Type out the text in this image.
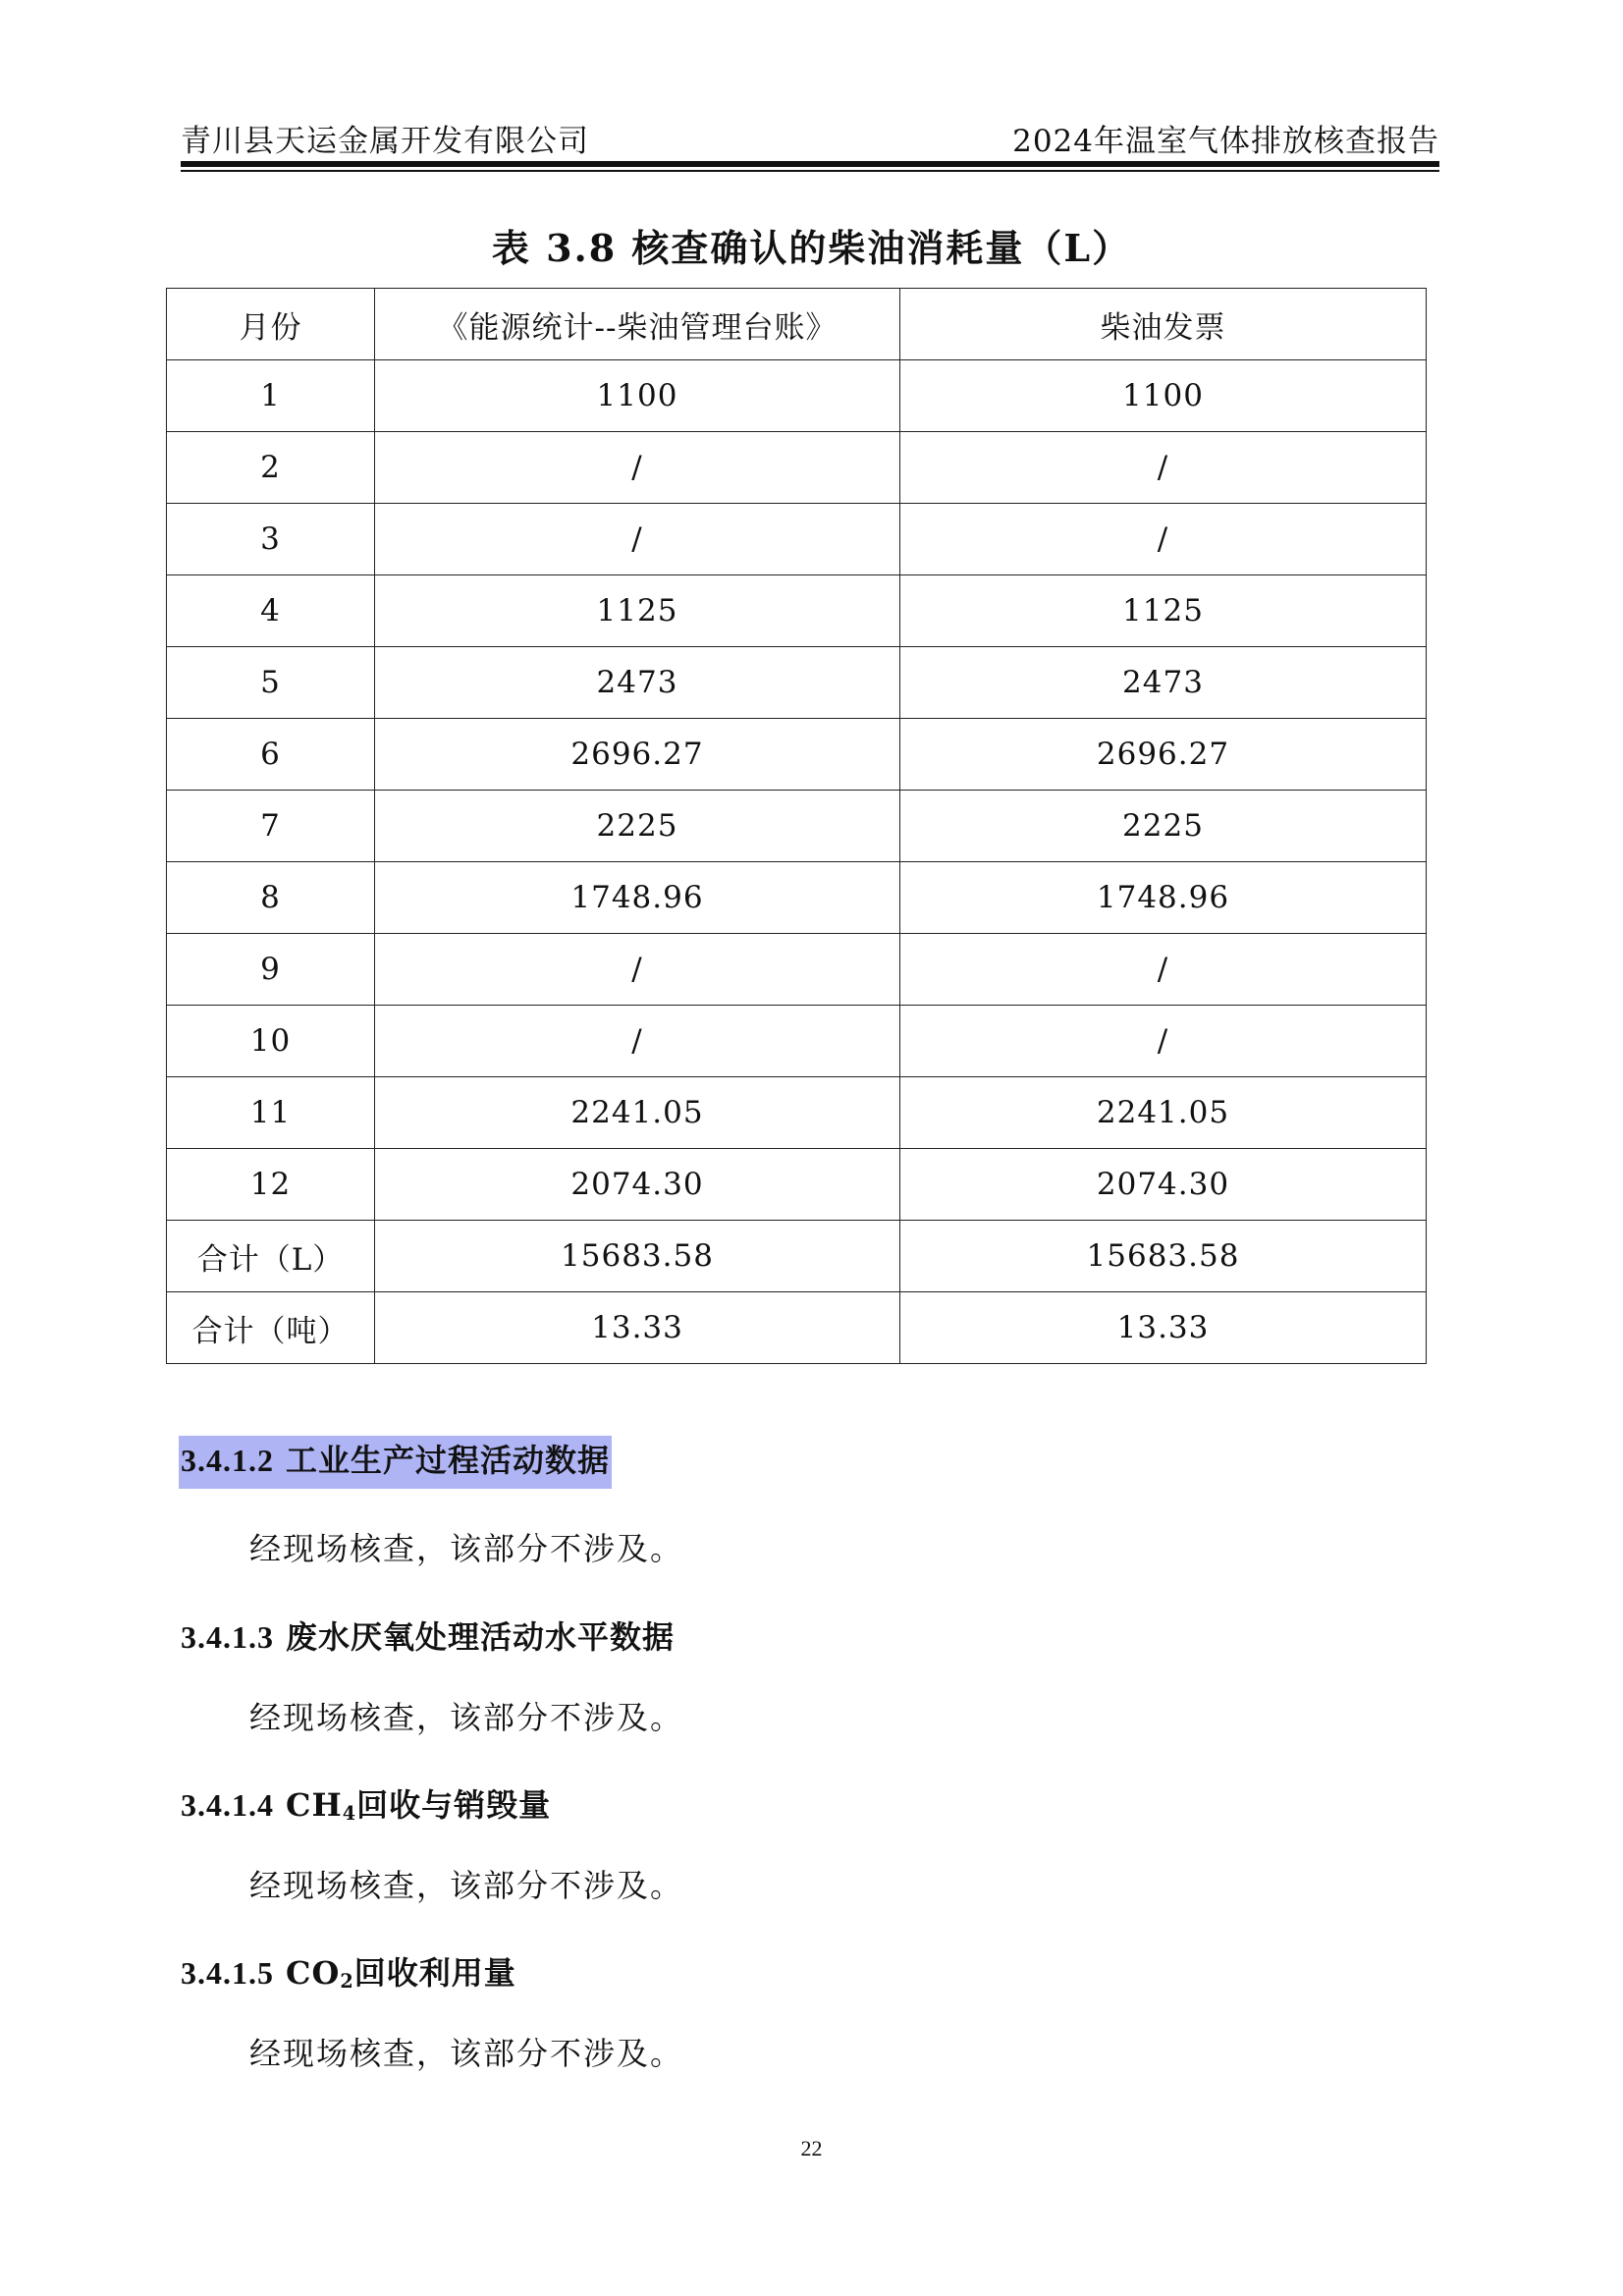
青川县天运金属开发有限公司	2024年温室气体排放核查报告
表 3.8 核查确认的柴油消耗量（L）
月份	《能源统计--柴油管理台账》	柴油发票
1	1100	1100
2	/	/
3	/	/
4	1125	1125
5	2473	2473
6	2696.27	2696.27
7	2225	2225
8	1748.96	1748.96
9	/	/
10	/	/
11	2241.05	2241.05
12	2074.30	2074.30
合计（L）	15683.58	15683.58
合计（吨）	13.33	13.33
3.4.1.2 工业生产过程活动数据
经现场核查，该部分不涉及。
3.4.1.3 废水厌氧处理活动水平数据
经现场核查，该部分不涉及。
3.4.1.4 $CH_4$回收与销毁量
经现场核查，该部分不涉及。
3.4.1.5 $CO_2$回收利用量
经现场核查，该部分不涉及。
22
